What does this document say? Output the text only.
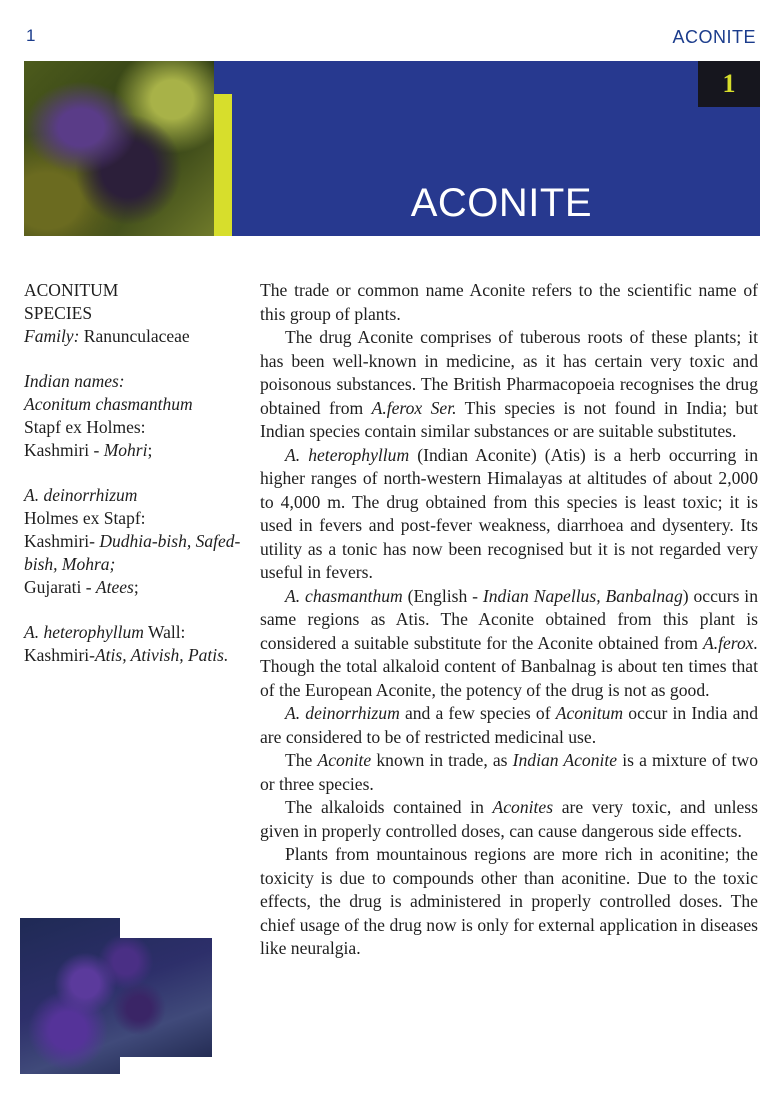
1	ACONITE
1
ACONITE

ACONITUM
SPECIES
Family: Ranunculaceae

Indian names:
Aconitum chasmanthum
Stapf ex Holmes:
Kashmiri - Mohri;

A. deinorrhizum
Holmes ex Stapf:
Kashmiri- Dudhia-bish, Safed-bish, Mohra;
Gujarati - Atees;

A. heterophyllum Wall:
Kashmiri-Atis, Ativish, Patis.

The trade or common name Aconite refers to the scientific name of this group of plants.

The drug Aconite comprises of tuberous roots of these plants; it has been well-known in medicine, as it has certain very toxic and poisonous substances. The British Pharmacopoeia recognises the drug obtained from A.ferox Ser. This species is not found in India; but Indian species contain similar substances or are suitable substitutes.

A. heterophyllum (Indian Aconite) (Atis) is a herb occurring in higher ranges of north-western Himalayas at altitudes of about 2,000 to 4,000 m. The drug obtained from this species is least toxic; it is used in fevers and post-fever weakness, diarrhoea and dysentery. Its utility as a tonic has now been recognised but it is not regarded very useful in fevers.

A. chasmanthum (English - Indian Napellus, Banbalnag) occurs in same regions as Atis. The Aconite obtained from this plant is considered a suitable substitute for the Aconite obtained from A.ferox. Though the total alkaloid content of Banbalnag is about ten times that of the European Aconite, the potency of the drug is not as good.

A. deinorrhizum and a few species of Aconitum occur in India and are considered to be of restricted medicinal use.

The Aconite known in trade, as Indian Aconite is a mixture of two or three species.

The alkaloids contained in Aconites are very toxic, and unless given in properly controlled doses, can cause dangerous side effects.

Plants from mountainous regions are more rich in aconitine; the toxicity is due to compounds other than aconitine. Due to the toxic effects, the drug is administered in properly controlled doses. The chief usage of the drug now is only for external application in diseases like neuralgia.
